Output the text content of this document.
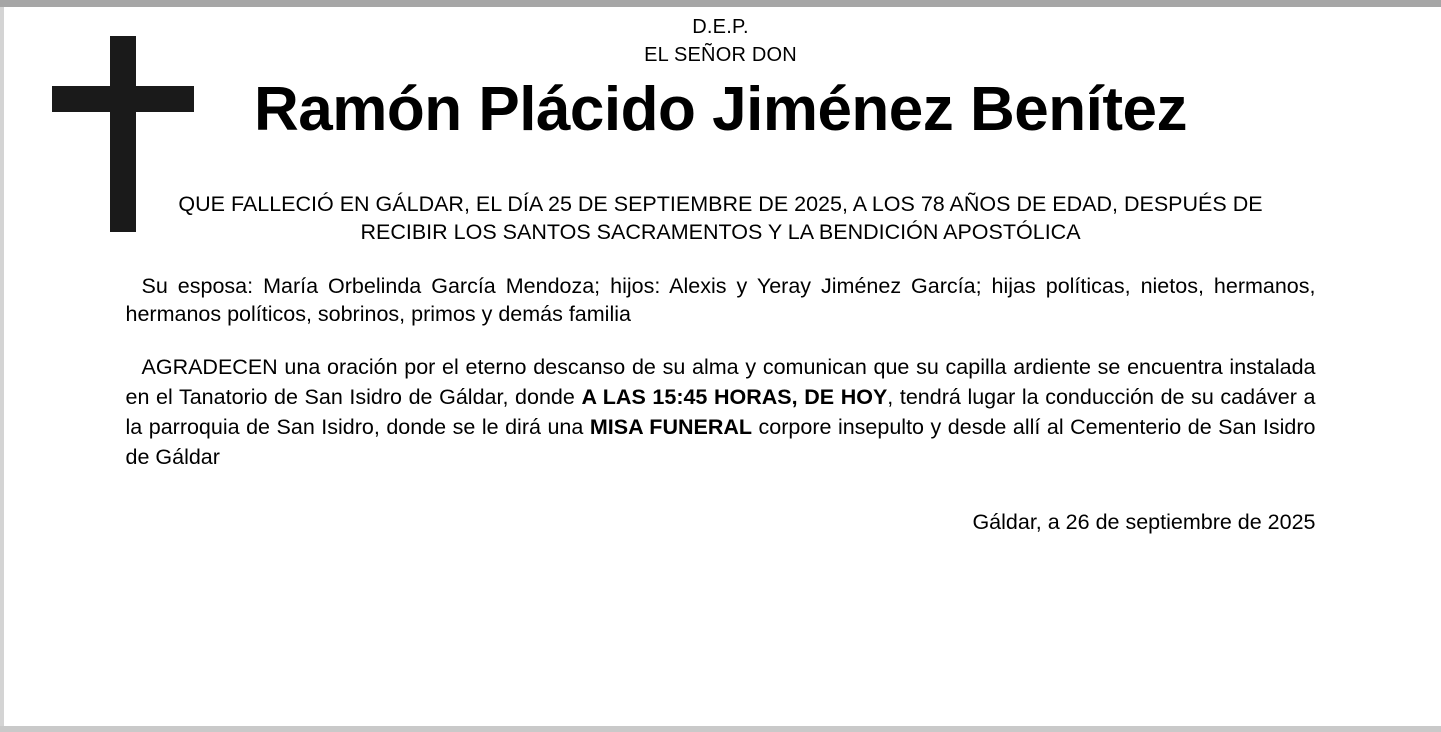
D.E.P.
EL SEÑOR DON
Ramón Plácido Jiménez Benítez
QUE FALLECIÓ EN GÁLDAR, EL DÍA 25 DE SEPTIEMBRE DE 2025, A LOS 78 AÑOS DE EDAD, DESPUÉS DE RECIBIR LOS SANTOS SACRAMENTOS Y LA BENDICIÓN APOSTÓLICA
Su esposa: María Orbelinda García Mendoza; hijos: Alexis y Yeray Jiménez García; hijas políticas, nietos, hermanos, hermanos políticos, sobrinos, primos y demás familia
AGRADECEN una oración por el eterno descanso de su alma y comunican que su capilla ardiente se encuentra instalada en el Tanatorio de San Isidro de Gáldar, donde A LAS 15:45 HORAS, DE HOY, tendrá lugar la conducción de su cadáver a la parroquia de San Isidro, donde se le dirá una MISA FUNERAL corpore insepulto y desde allí al Cementerio de San Isidro de Gáldar
Gáldar, a 26 de septiembre de 2025
